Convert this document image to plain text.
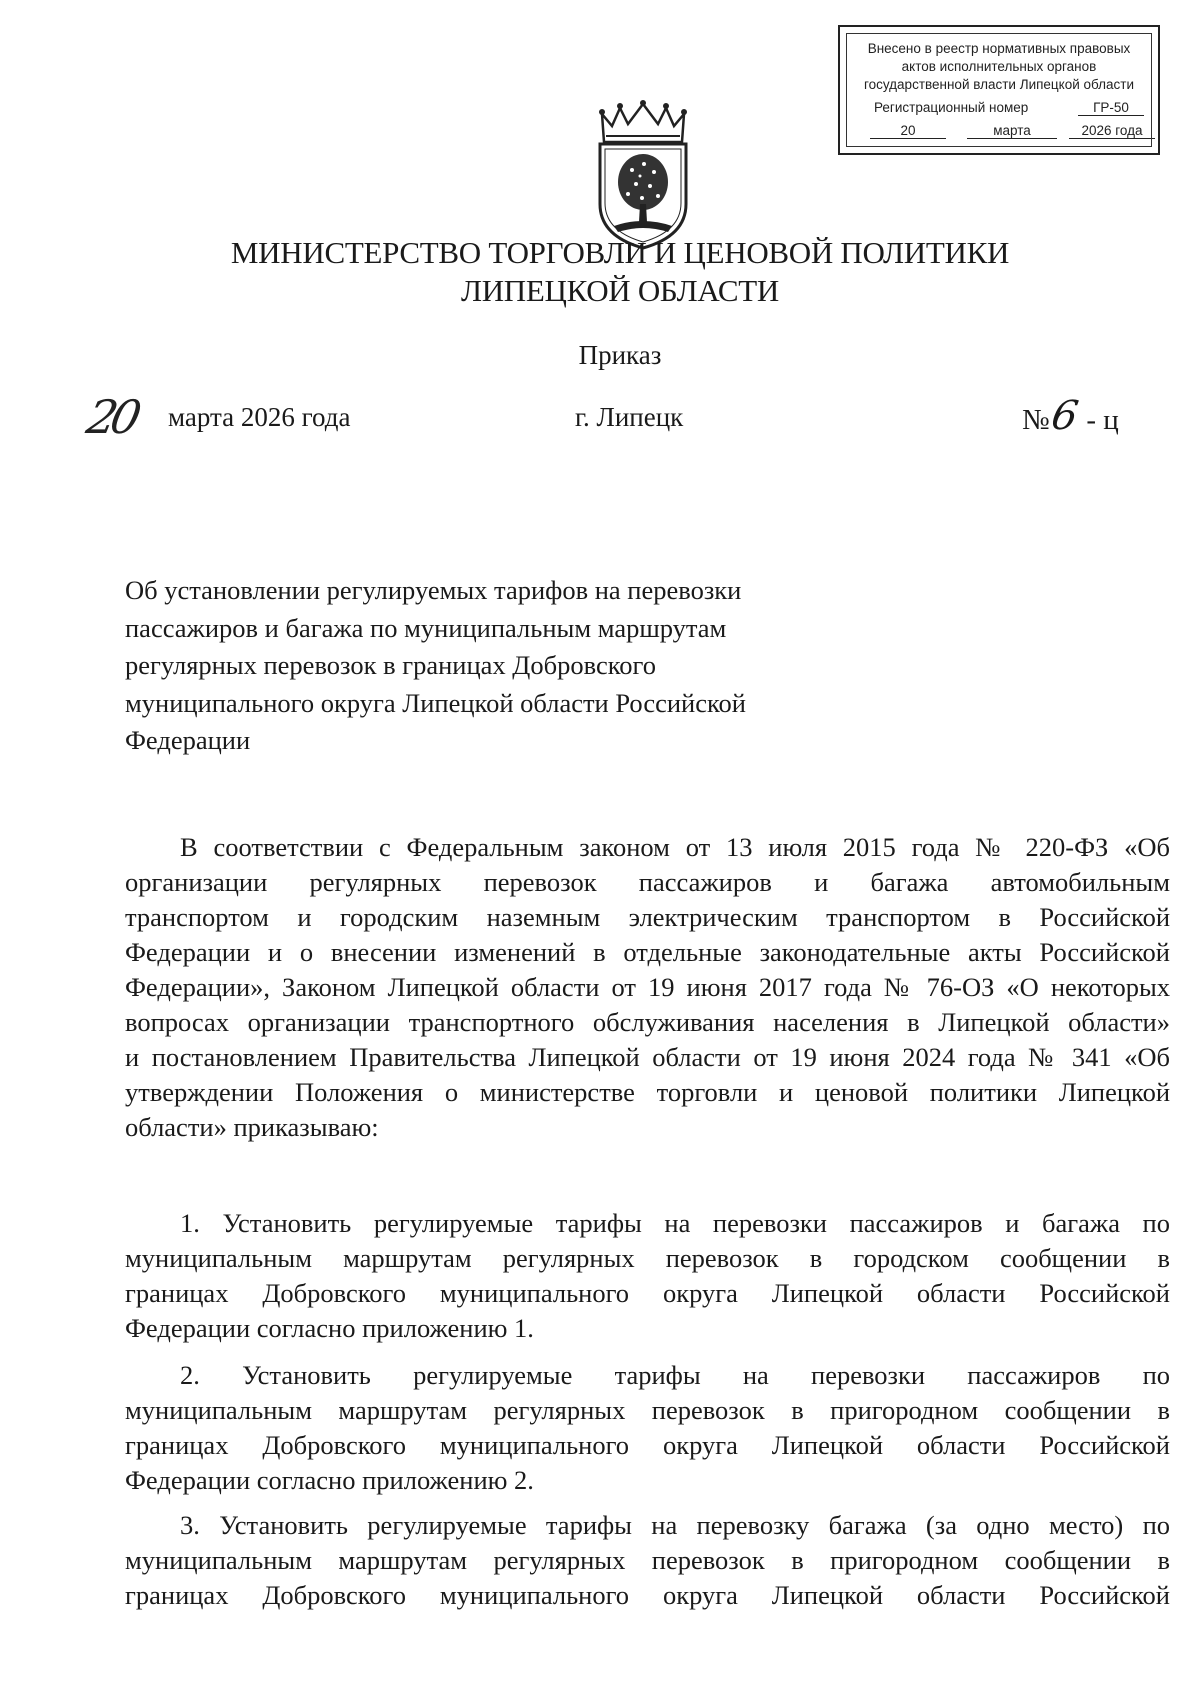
Внесено в реестр нормативных правовых
актов исполнительных органов
государственной власти Липецкой области
Регистрационный номер	ГР-50
20	марта	2026 года
МИНИСТЕРСТВО ТОРГОВЛИ И ЦЕНОВОЙ ПОЛИТИКИ
ЛИПЕЦКОЙ ОБЛАСТИ
Приказ
20 марта 2026 года	г. Липецк	№6 - ц
Об установлении регулируемых тарифов на перевозки
пассажиров и багажа по муниципальным маршрутам
регулярных перевозок в границах Добровского
муниципального округа Липецкой области Российской
Федерации
В соответствии с Федеральным законом от 13 июля 2015 года № 220-ФЗ «Об
организации регулярных перевозок пассажиров и багажа автомобильным
транспортом и городским наземным электрическим транспортом в Российской
Федерации и о внесении изменений в отдельные законодательные акты Российской
Федерации», Законом Липецкой области от 19 июня 2017 года № 76-ОЗ «О некоторых
вопросах организации транспортного обслуживания населения в Липецкой области»
и постановлением Правительства Липецкой области от 19 июня 2024 года № 341 «Об
утверждении Положения о министерстве торговли и ценовой политики Липецкой
области» приказываю:
1. Установить регулируемые тарифы на перевозки пассажиров и багажа по
муниципальным маршрутам регулярных перевозок в городском сообщении в
границах Добровского муниципального округа Липецкой области Российской
Федерации согласно приложению 1.
2. Установить регулируемые тарифы на перевозки пассажиров по
муниципальным маршрутам регулярных перевозок в пригородном сообщении в
границах Добровского муниципального округа Липецкой области Российской
Федерации согласно приложению 2.
3. Установить регулируемые тарифы на перевозку багажа (за одно место) по
муниципальным маршрутам регулярных перевозок в пригородном сообщении в
границах Добровского муниципального округа Липецкой области Российской
